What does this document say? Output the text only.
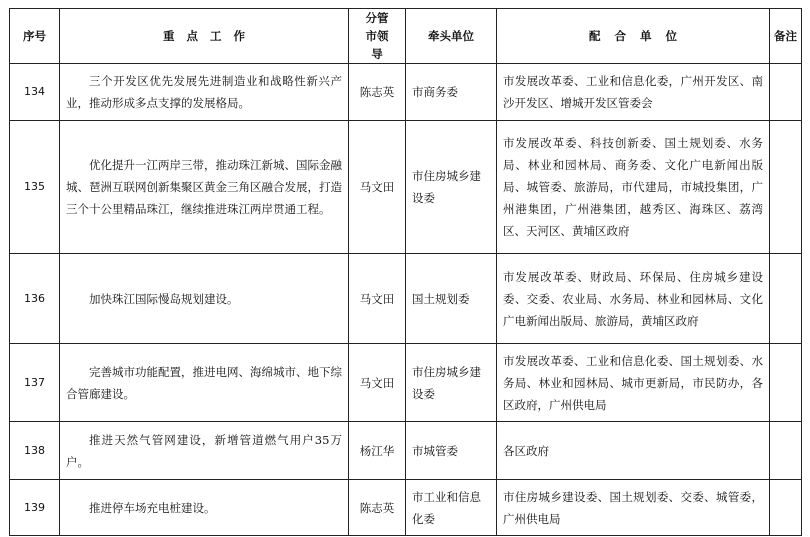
序号	重点工作	分管市领导	牵头单位	配合单位	备注
134	三个开发区优先发展先进制造业和战略性新兴产业，推动形成多点支撑的发展格局。	陈志英	市商务委	市发展改革委、工业和信息化委，广州开发区、南沙开发区、增城开发区管委会	
135	优化提升一江两岸三带，推动珠江新城、国际金融城、琶洲互联网创新集聚区黄金三角区融合发展，打造三个十公里精品珠江，继续推进珠江两岸贯通工程。	马文田	市住房城乡建设委	市发展改革委、科技创新委、国土规划委、水务局、林业和园林局、商务委、文化广电新闻出版局、城管委、旅游局，市代建局，市城投集团，广州港集团，广州港集团，越秀区、海珠区、荔湾区、天河区、黄埔区政府	
136	加快珠江国际慢岛规划建设。	马文田	国土规划委	市发展改革委、财政局、环保局、住房城乡建设委、交委、农业局、水务局、林业和园林局、文化广电新闻出版局、旅游局，黄埔区政府	
137	完善城市功能配置，推进电网、海绵城市、地下综合管廊建设。	马文田	市住房城乡建设委	市发展改革委、工业和信息化委、国土规划委、水务局、林业和园林局、城市更新局，市民防办，各区政府，广州供电局	
138	推进天然气管网建设，新增管道燃气用户35万户。	杨江华	市城管委	各区政府	
139	推进停车场充电桩建设。	陈志英	市工业和信息化委	市住房城乡建设委、国土规划委、交委、城管委，广州供电局	
